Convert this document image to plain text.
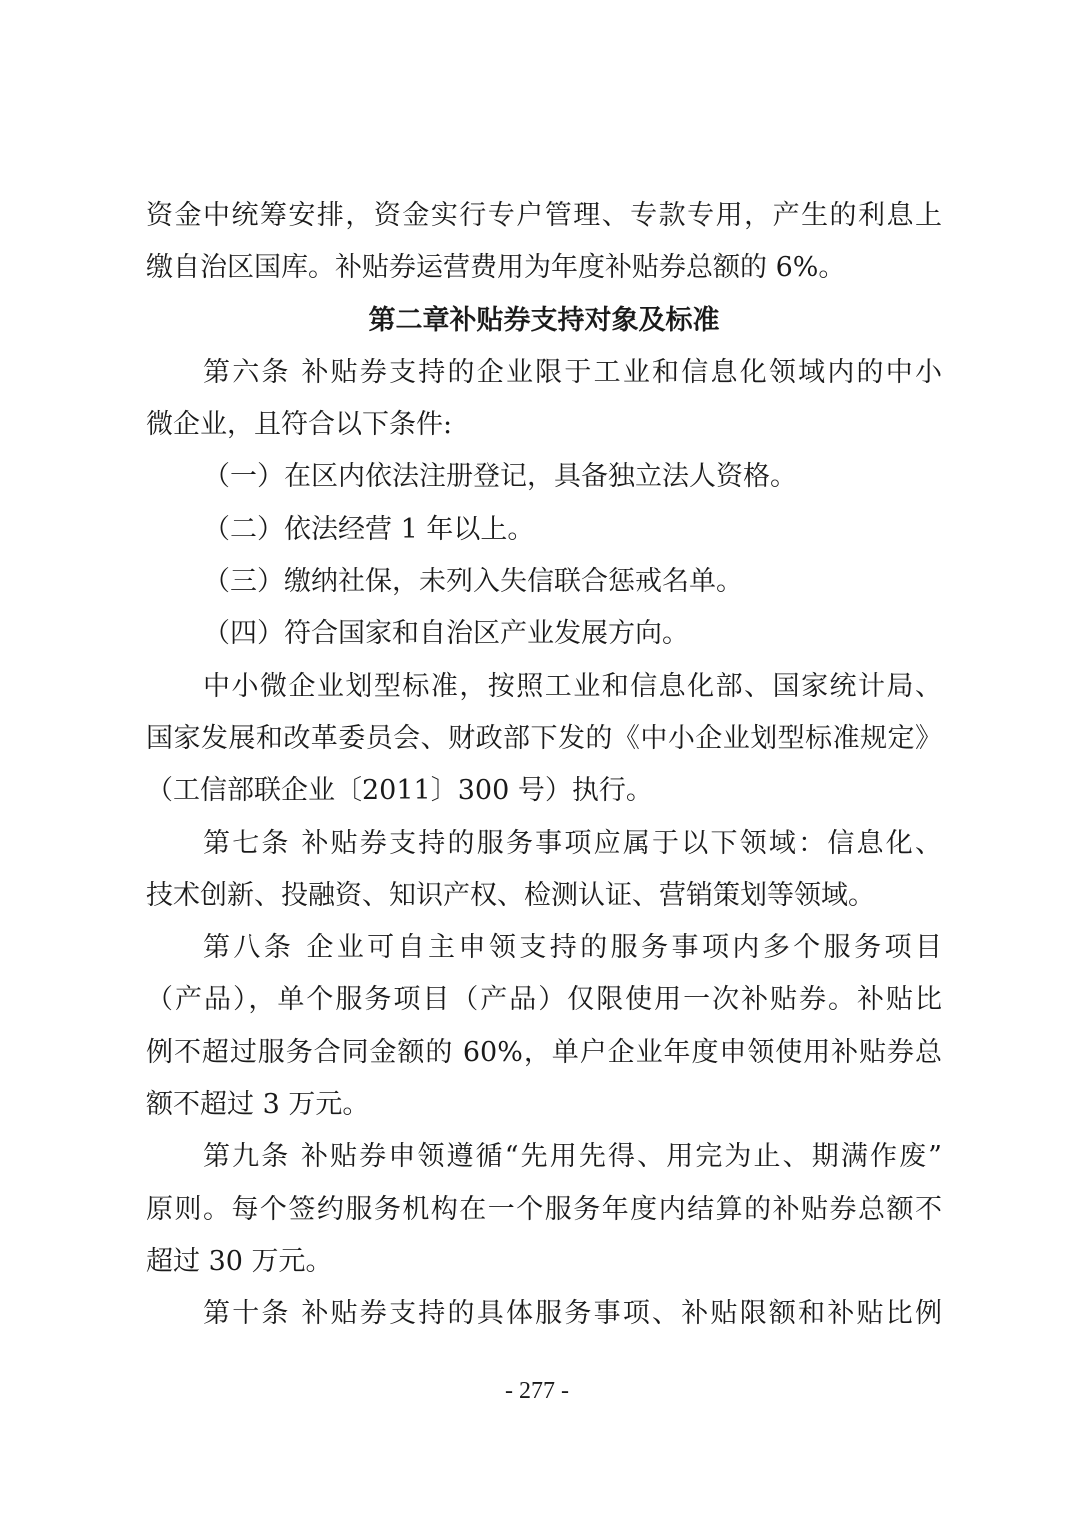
资金中统筹安排，资金实行专户管理、专款专用，产生的利息上
缴自治区国库。补贴券运营费用为年度补贴券总额的 6%。
第二章补贴券支持对象及标准
第六条 补贴券支持的企业限于工业和信息化领域内的中小
微企业，且符合以下条件:
（一）在区内依法注册登记，具备独立法人资格。
（二）依法经营 1 年以上。
（三）缴纳社保，未列入失信联合惩戒名单。
（四）符合国家和自治区产业发展方向。
中小微企业划型标准，按照工业和信息化部、国家统计局、
国家发展和改革委员会、财政部下发的《中小企业划型标准规定》
（工信部联企业〔2011〕300 号）执行。
第七条 补贴券支持的服务事项应属于以下领域：信息化、
技术创新、投融资、知识产权、检测认证、营销策划等领域。
第八条 企业可自主申领支持的服务事项内多个服务项目
（产品），单个服务项目（产品）仅限使用一次补贴券。补贴比
例不超过服务合同金额的 60%，单户企业年度申领使用补贴券总
额不超过 3 万元。
第九条 补贴券申领遵循“先用先得、用完为止、期满作废”
原则。每个签约服务机构在一个服务年度内结算的补贴券总额不
超过 30 万元。
第十条 补贴券支持的具体服务事项、补贴限额和补贴比例
- 277 -
